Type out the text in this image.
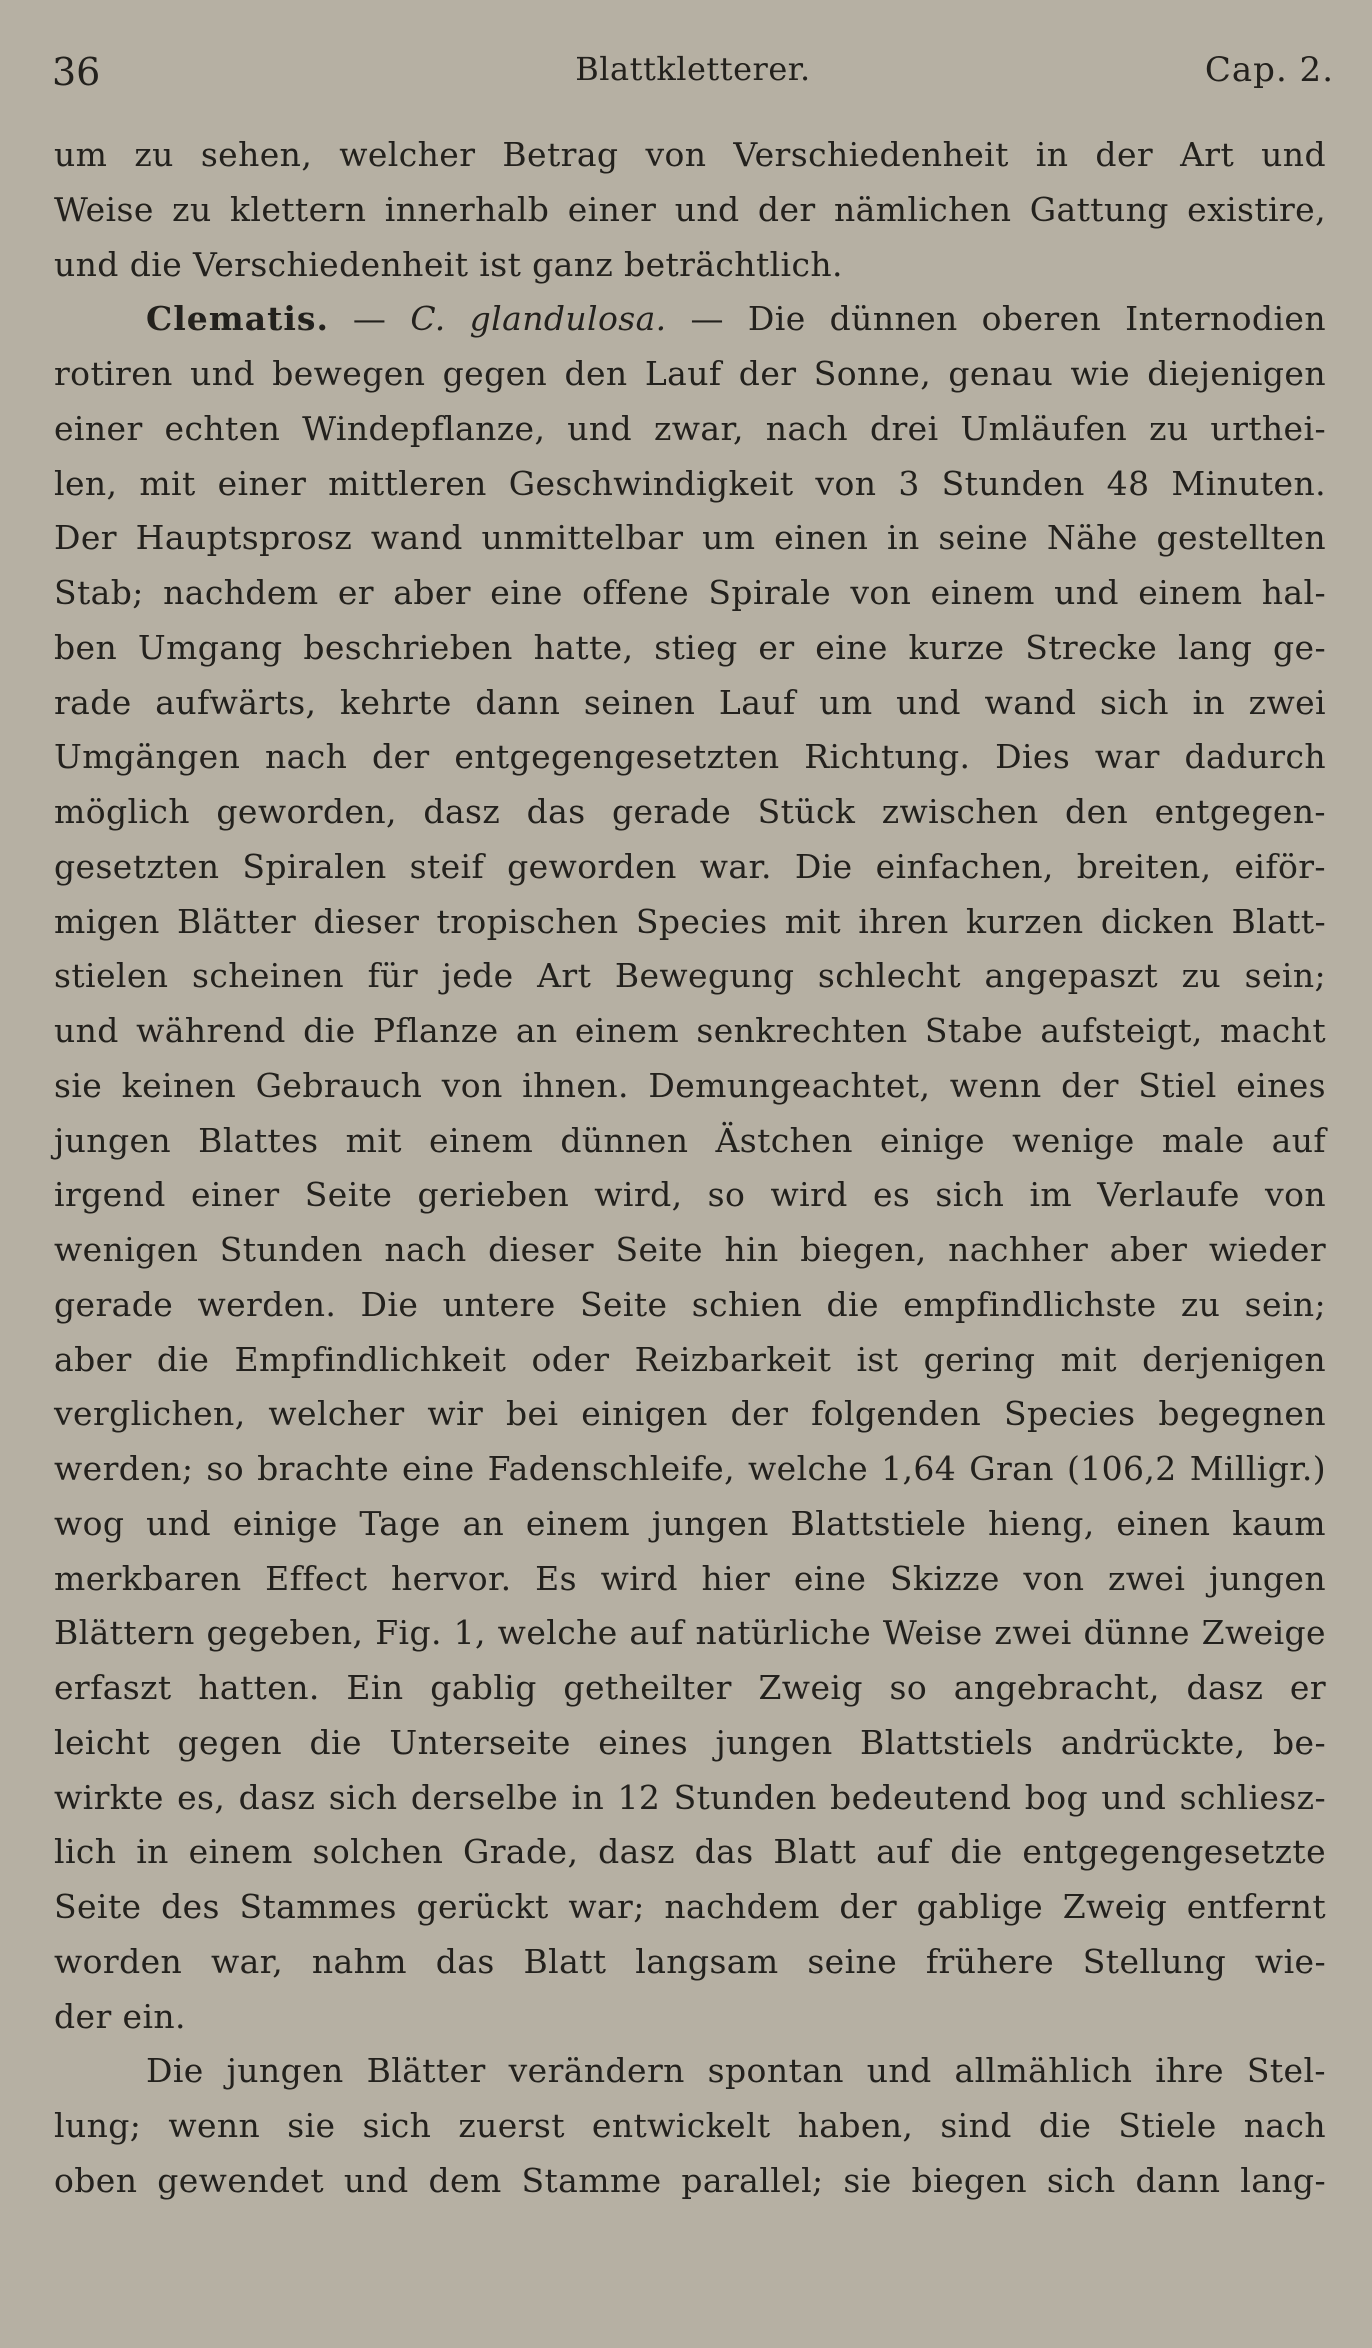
36	Blattkletterer.	Cap. 2.
um zu sehen, welcher Betrag von Verschiedenheit in der Art und
Weise zu klettern innerhalb einer und der nämlichen Gattung existire,
und die Verschiedenheit ist ganz beträchtlich.
Clematis. — C. glandulosa. — Die dünnen oberen Internodien
rotiren und bewegen gegen den Lauf der Sonne, genau wie diejenigen
einer echten Windepflanze, und zwar, nach drei Umläufen zu urthei-
len, mit einer mittleren Geschwindigkeit von 3 Stunden 48 Minuten.
Der Hauptsprosz wand unmittelbar um einen in seine Nähe gestellten
Stab; nachdem er aber eine offene Spirale von einem und einem hal-
ben Umgang beschrieben hatte, stieg er eine kurze Strecke lang ge-
rade aufwärts, kehrte dann seinen Lauf um und wand sich in zwei
Umgängen nach der entgegengesetzten Richtung. Dies war dadurch
möglich geworden, dasz das gerade Stück zwischen den entgegen-
gesetzten Spiralen steif geworden war. Die einfachen, breiten, eiför-
migen Blätter dieser tropischen Species mit ihren kurzen dicken Blatt-
stielen scheinen für jede Art Bewegung schlecht angepaszt zu sein;
und während die Pflanze an einem senkrechten Stabe aufsteigt, macht
sie keinen Gebrauch von ihnen. Demungeachtet, wenn der Stiel eines
jungen Blattes mit einem dünnen Ästchen einige wenige male auf
irgend einer Seite gerieben wird, so wird es sich im Verlaufe von
wenigen Stunden nach dieser Seite hin biegen, nachher aber wieder
gerade werden. Die untere Seite schien die empfindlichste zu sein;
aber die Empfindlichkeit oder Reizbarkeit ist gering mit derjenigen
verglichen, welcher wir bei einigen der folgenden Species begegnen
werden; so brachte eine Fadenschleife, welche 1,64 Gran (106,2 Milligr.)
wog und einige Tage an einem jungen Blattstiele hieng, einen kaum
merkbaren Effect hervor. Es wird hier eine Skizze von zwei jungen
Blättern gegeben, Fig. 1, welche auf natürliche Weise zwei dünne Zweige
erfaszt hatten. Ein gablig getheilter Zweig so angebracht, dasz er
leicht gegen die Unterseite eines jungen Blattstiels andrückte, be-
wirkte es, dasz sich derselbe in 12 Stunden bedeutend bog und schliesz-
lich in einem solchen Grade, dasz das Blatt auf die entgegengesetzte
Seite des Stammes gerückt war; nachdem der gablige Zweig entfernt
worden war, nahm das Blatt langsam seine frühere Stellung wie-
der ein.
Die jungen Blätter verändern spontan und allmählich ihre Stel-
lung; wenn sie sich zuerst entwickelt haben, sind die Stiele nach
oben gewendet und dem Stamme parallel; sie biegen sich dann lang-
